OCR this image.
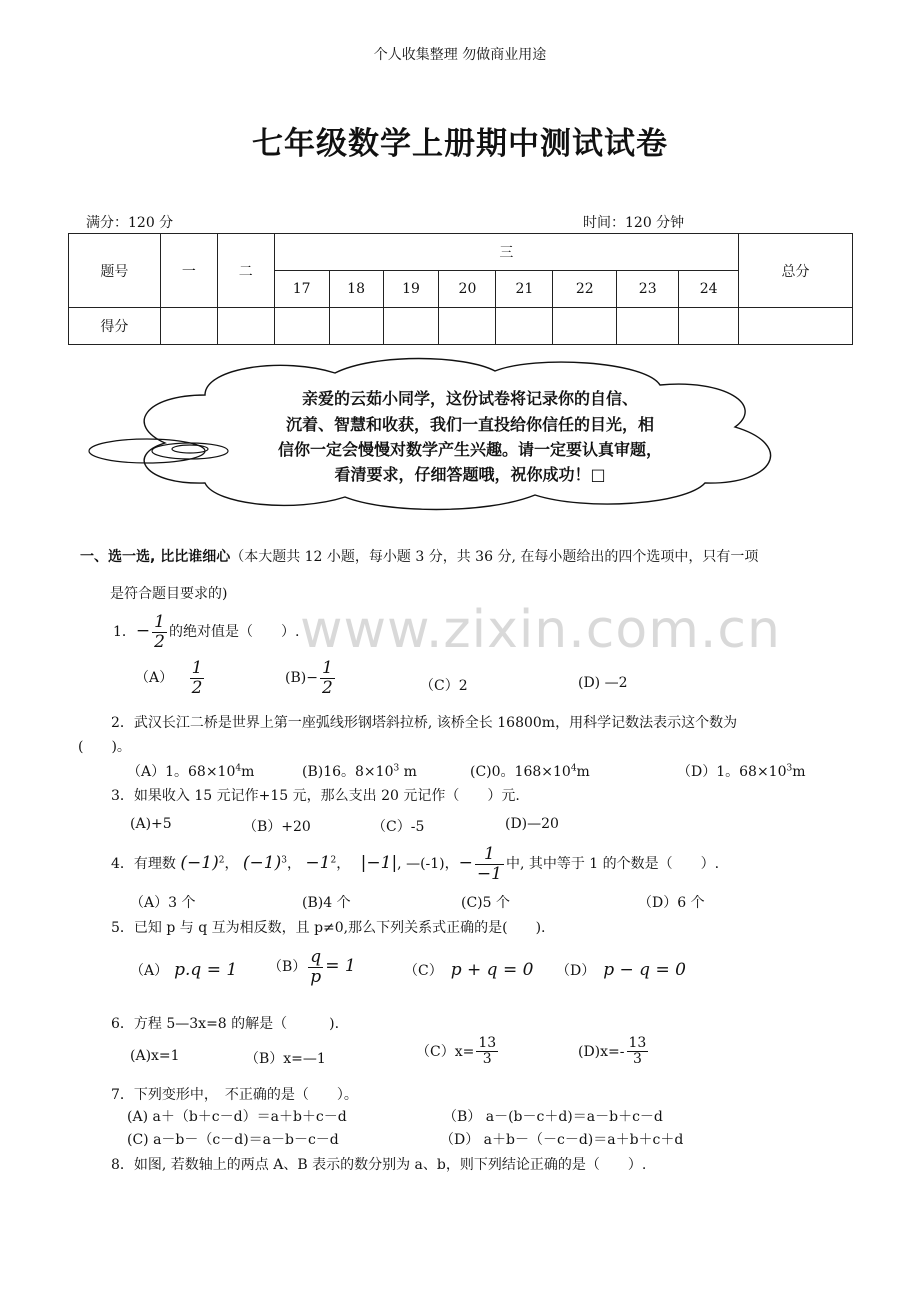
个人收集整理 勿做商业用途
七年级数学上册期中测试试卷
满分：120 分	时间：120 分钟
题号	一	二	三								总分
			17	18	19	20	21	22	23	24	
得分											
亲爱的云茹小同学，这份试卷将记录你的自信、
沉着、智慧和收获，我们一直投给你信任的目光，相
信你一定会慢慢对数学产生兴趣。请一定要认真审题，
看清要求，仔细答题哦，祝你成功！□
www.zixin.com.cn
一、选一选, 比比谁细心（本大题共 12 小题，每小题 3 分，共 36 分, 在每小题给出的四个选项中，只有一项
是符合题目要求的)
1．− $\frac{1}{2}$ 的绝对值是（　　）.
$(A) \frac{1}{2}$	$(B)- \frac{1}{2}$	（C）2	(D) —2
2．武汉长江二桥是世界上第一座弧线形钢塔斜拉桥, 该桥全长 16800m，用科学记数法表示这个数为
(　　)。
（A）1。$68\times 10^4m$	(B)16。$8\times 10^3$ m	(C)0。$168\times 10^4m$	（D）1。$68\times 10^3m$
3．如果收入 15 元记作+15 元，那么支出 20 元记作（　　）元.
(A)+5	（B）+20	（C）-5	(D)—20
4．有理数 $(-1)^2$， $(-1)^3$， $-1^2$， |−1|, —(-1)，− $\frac{1}{-1}$ 中, 其中等于 1 的个数是（　　）.
（A）3 个	(B)4 个	(C)5 个	（D）6 个
5．已知 p 与 q 互为相反数，且 p≠0,那么下列关系式正确的是(　　).
（A） p.q = 1 $(B) \frac{q}{p} = 1$	（C） p + q = 0 （D） p − q = 0
6．方程 5—3x=8 的解是（　　　).
(A)x=1	（B）x=—1	$(C)x= \frac{13}{3}$	$(D)x=- \frac{13}{3}$
7．下列变形中，　不正确的是（　　）。
(A) a＋（b＋c－d）＝a＋b＋c－d	（B） a－(b－c＋d)＝a－b＋c－d
(C) a－b－（c－d)＝a－b－c－d	（D） a＋b－（－c－d)＝a＋b＋c＋d
8．如图, 若数轴上的两点 A、B 表示的数分别为 a、b，则下列结论正确的是（　　）.
